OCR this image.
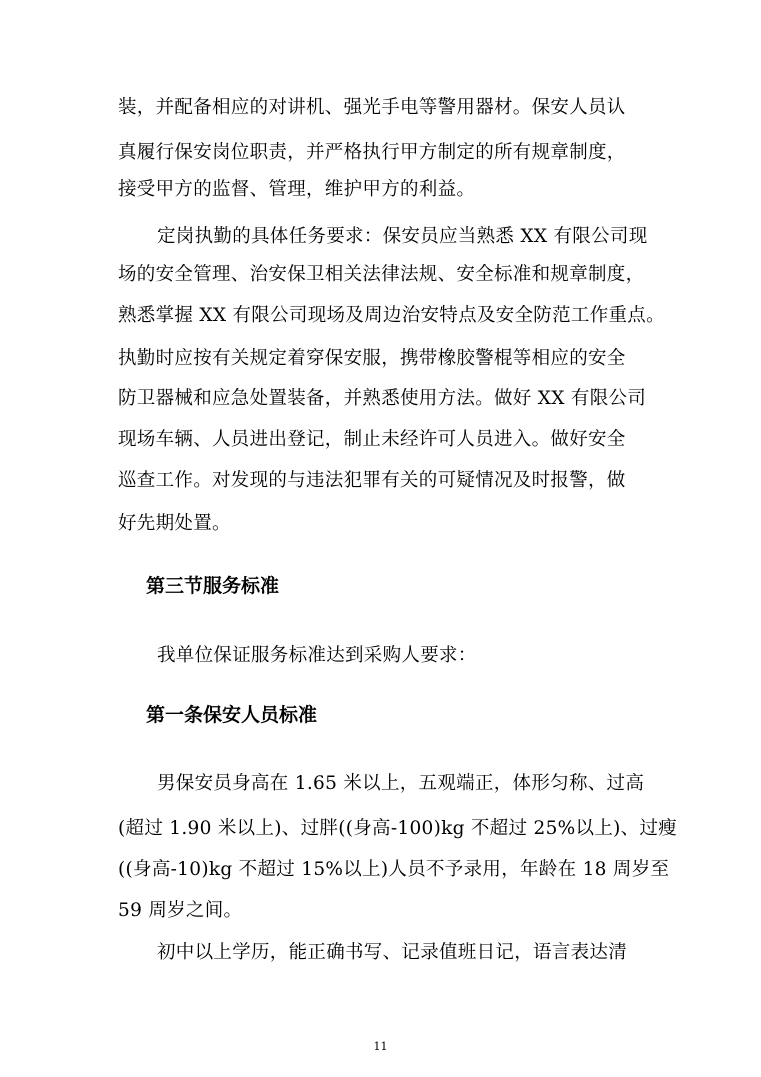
装，并配备相应的对讲机、强光手电等警用器材。保安人员认
真履行保安岗位职责，并严格执行甲方制定的所有规章制度，
接受甲方的监督、管理，维护甲方的利益。
定岗执勤的具体任务要求：保安员应当熟悉 XX 有限公司现
场的安全管理、治安保卫相关法律法规、安全标准和规章制度，
熟悉掌握 XX 有限公司现场及周边治安特点及安全防范工作重点。
执勤时应按有关规定着穿保安服，携带橡胶警棍等相应的安全
防卫器械和应急处置装备，并熟悉使用方法。做好 XX 有限公司
现场车辆、人员进出登记，制止未经许可人员进入。做好安全
巡查工作。对发现的与违法犯罪有关的可疑情况及时报警，做
好先期处置。
第三节服务标准
我单位保证服务标准达到采购人要求：
第一条保安人员标准
男保安员身高在 1.65 米以上，五观端正，体形匀称、过高
(超过 1.90 米以上)、过胖((身高-100)kg 不超过 25%以上)、过瘦
((身高-10)kg 不超过 15%以上)人员不予录用，年龄在 18 周岁至
59 周岁之间。
初中以上学历，能正确书写、记录值班日记，语言表达清
11
